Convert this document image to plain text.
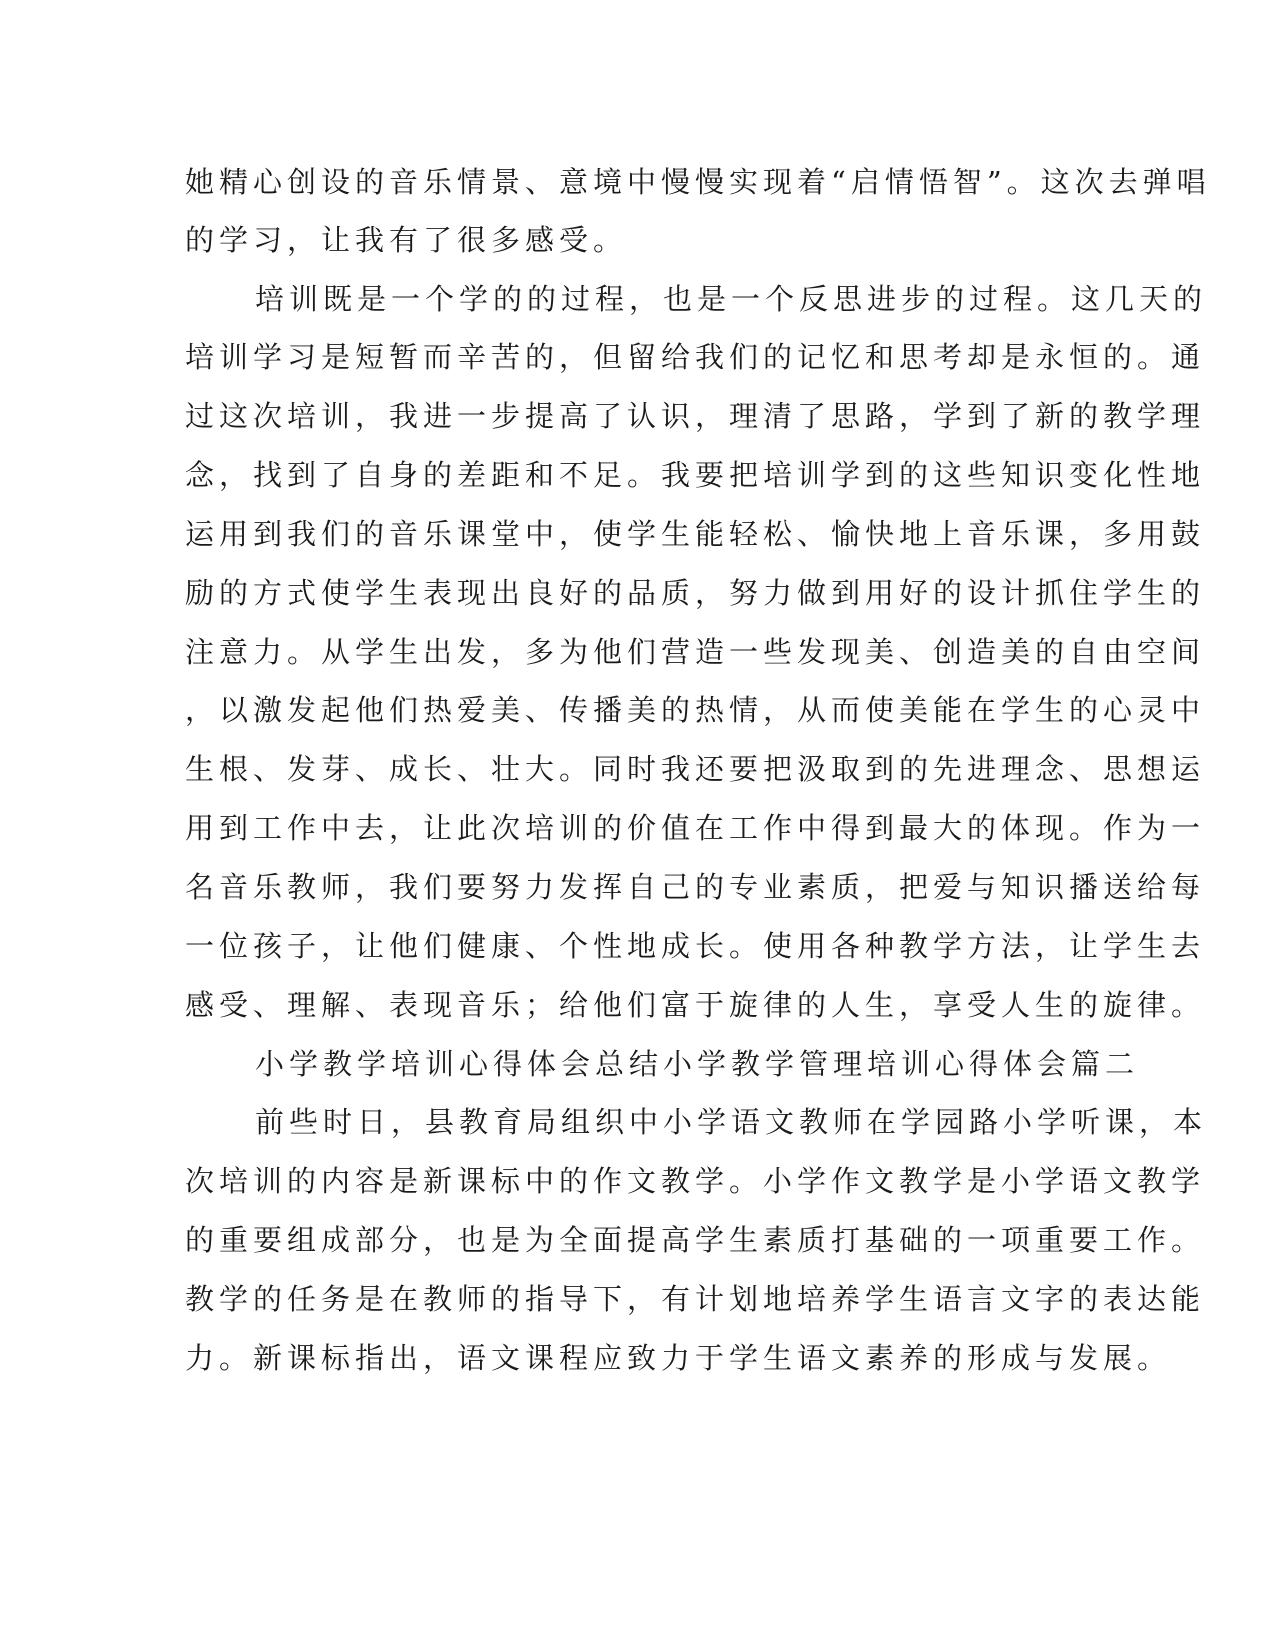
她精心创设的音乐情景、意境中慢慢实现着“启情悟智”。这次去弹唱
的学习，让我有了很多感受。
培训既是一个学的的过程，也是一个反思进步的过程。这几天的
培训学习是短暂而辛苦的，但留给我们的记忆和思考却是永恒的。通
过这次培训，我进一步提高了认识，理清了思路，学到了新的教学理
念，找到了自身的差距和不足。我要把培训学到的这些知识变化性地
运用到我们的音乐课堂中，使学生能轻松、愉快地上音乐课，多用鼓
励的方式使学生表现出良好的品质，努力做到用好的设计抓住学生的
注意力。从学生出发，多为他们营造一些发现美、创造美的自由空间
，以激发起他们热爱美、传播美的热情，从而使美能在学生的心灵中
生根、发芽、成长、壮大。同时我还要把汲取到的先进理念、思想运
用到工作中去，让此次培训的价值在工作中得到最大的体现。作为一
名音乐教师，我们要努力发挥自己的专业素质，把爱与知识播送给每
一位孩子，让他们健康、个性地成长。使用各种教学方法，让学生去
感受、理解、表现音乐；给他们富于旋律的人生，享受人生的旋律。
小学教学培训心得体会总结小学教学管理培训心得体会篇二
前些时日，县教育局组织中小学语文教师在学园路小学听课，本
次培训的内容是新课标中的作文教学。小学作文教学是小学语文教学
的重要组成部分，也是为全面提高学生素质打基础的一项重要工作。
教学的任务是在教师的指导下，有计划地培养学生语言文字的表达能
力。新课标指出，语文课程应致力于学生语文素养的形成与发展。
